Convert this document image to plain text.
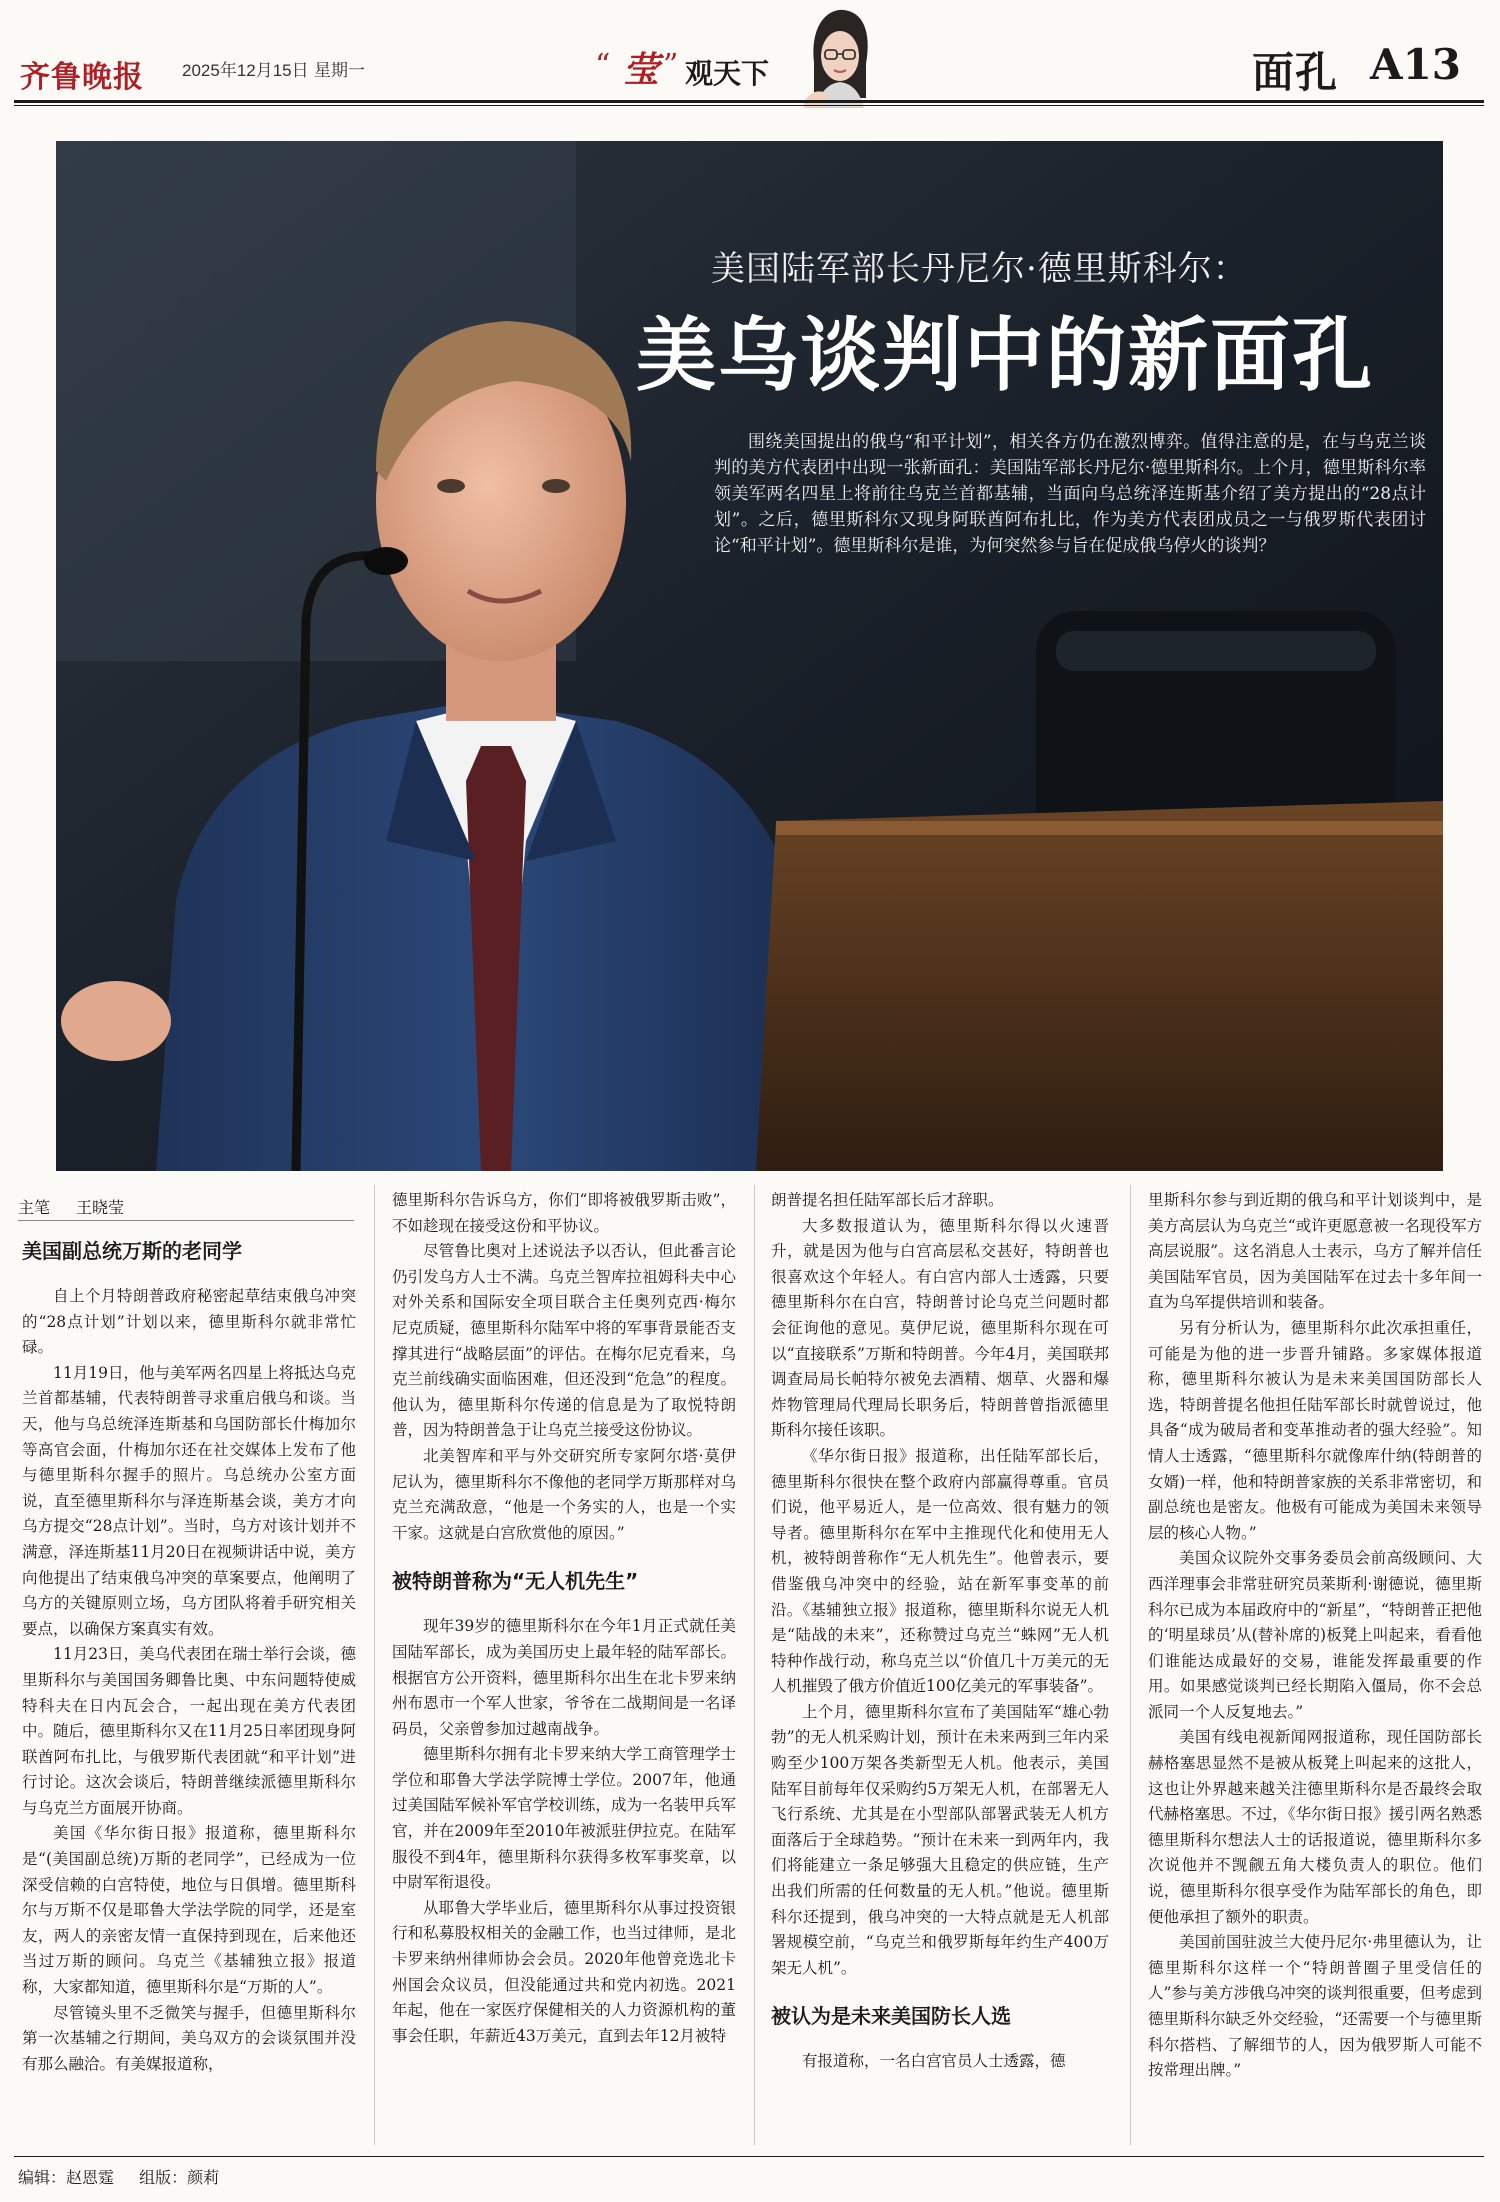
齐鲁晚报 2025年12月15日 星期一	“ 莹 ” 观天下	面孔 A13
美国陆军部长丹尼尔·德里斯科尔：
美乌谈判中的新面孔
围绕美国提出的俄乌“和平计划”，相关各方仍在激烈博弈。值得注意的是，在与乌克兰谈判的美方代表团中出现一张新面孔：美国陆军部长丹尼尔·德里斯科尔。上个月，德里斯科尔率领美军两名四星上将前往乌克兰首都基辅，当面向乌总统泽连斯基介绍了美方提出的“28点计划”。之后，德里斯科尔又现身阿联酋阿布扎比，作为美方代表团成员之一与俄罗斯代表团讨论“和平计划”。德里斯科尔是谁，为何突然参与旨在促成俄乌停火的谈判？
主笔 王晓莹
美国副总统万斯的老同学

自上个月特朗普政府秘密起草结束俄乌冲突的“28点计划”计划以来，德里斯科尔就非常忙碌。

11月19日，他与美军两名四星上将抵达乌克兰首都基辅，代表特朗普寻求重启俄乌和谈。当天，他与乌总统泽连斯基和乌国防部长什梅加尔等高官会面，什梅加尔还在社交媒体上发布了他与德里斯科尔握手的照片。乌总统办公室方面说，直至德里斯科尔与泽连斯基会谈，美方才向乌方提交“28点计划”。当时，乌方对该计划并不满意，泽连斯基11月20日在视频讲话中说，美方向他提出了结束俄乌冲突的草案要点，他阐明了乌方的关键原则立场，乌方团队将着手研究相关要点，以确保方案真实有效。

11月23日，美乌代表团在瑞士举行会谈，德里斯科尔与美国国务卿鲁比奥、中东问题特使威特科夫在日内瓦会合，一起出现在美方代表团中。随后，德里斯科尔又在11月25日率团现身阿联酋阿布扎比，与俄罗斯代表团就“和平计划”进行讨论。这次会谈后，特朗普继续派德里斯科尔与乌克兰方面展开协商。

美国《华尔街日报》报道称，德里斯科尔是“(美国副总统)万斯的老同学”，已经成为一位深受信赖的白宫特使，地位与日俱增。德里斯科尔与万斯不仅是耶鲁大学法学院的同学，还是室友，两人的亲密友情一直保持到现在，后来他还当过万斯的顾问。乌克兰《基辅独立报》报道称，大家都知道，德里斯科尔是“万斯的人”。

尽管镜头里不乏微笑与握手，但德里斯科尔第一次基辅之行期间，美乌双方的会谈氛围并没有那么融洽。有美媒报道称，

德里斯科尔告诉乌方，你们“即将被俄罗斯击败”，不如趁现在接受这份和平协议。

尽管鲁比奥对上述说法予以否认，但此番言论仍引发乌方人士不满。乌克兰智库拉祖姆科夫中心对外关系和国际安全项目联合主任奥列克西·梅尔尼克质疑，德里斯科尔陆军中将的军事背景能否支撑其进行“战略层面”的评估。在梅尔尼克看来，乌克兰前线确实面临困难，但还没到“危急”的程度。他认为，德里斯科尔传递的信息是为了取悦特朗普，因为特朗普急于让乌克兰接受这份协议。

北美智库和平与外交研究所专家阿尔塔·莫伊尼认为，德里斯科尔不像他的老同学万斯那样对乌克兰充满敌意，“他是一个务实的人，也是一个实干家。这就是白宫欣赏他的原因。”

被特朗普称为“无人机先生”

现年39岁的德里斯科尔在今年1月正式就任美国陆军部长，成为美国历史上最年轻的陆军部长。根据官方公开资料，德里斯科尔出生在北卡罗来纳州布恩市一个军人世家，爷爷在二战期间是一名译码员，父亲曾参加过越南战争。

德里斯科尔拥有北卡罗来纳大学工商管理学士学位和耶鲁大学法学院博士学位。2007年，他通过美国陆军候补军官学校训练，成为一名装甲兵军官，并在2009年至2010年被派驻伊拉克。在陆军服役不到4年，德里斯科尔获得多枚军事奖章，以中尉军衔退役。

从耶鲁大学毕业后，德里斯科尔从事过投资银行和私募股权相关的金融工作，也当过律师，是北卡罗来纳州律师协会会员。2020年他曾竞选北卡州国会众议员，但没能通过共和党内初选。2021年起，他在一家医疗保健相关的人力资源机构的董事会任职，年薪近43万美元，直到去年12月被特

朗普提名担任陆军部长后才辞职。

大多数报道认为，德里斯科尔得以火速晋升，就是因为他与白宫高层私交甚好，特朗普也很喜欢这个年轻人。有白宫内部人士透露，只要德里斯科尔在白宫，特朗普讨论乌克兰问题时都会征询他的意见。莫伊尼说，德里斯科尔现在可以“直接联系”万斯和特朗普。今年4月，美国联邦调查局局长帕特尔被免去酒精、烟草、火器和爆炸物管理局代理局长职务后，特朗普曾指派德里斯科尔接任该职。

《华尔街日报》报道称，出任陆军部长后，德里斯科尔很快在整个政府内部赢得尊重。官员们说，他平易近人，是一位高效、很有魅力的领导者。德里斯科尔在军中主推现代化和使用无人机，被特朗普称作“无人机先生”。他曾表示，要借鉴俄乌冲突中的经验，站在新军事变革的前沿。《基辅独立报》报道称，德里斯科尔说无人机是“陆战的未来”，还称赞过乌克兰“蛛网”无人机特种作战行动，称乌克兰以“价值几十万美元的无人机摧毁了俄方价值近100亿美元的军事装备”。

上个月，德里斯科尔宣布了美国陆军“雄心勃勃”的无人机采购计划，预计在未来两到三年内采购至少100万架各类新型无人机。他表示，美国陆军目前每年仅采购约5万架无人机，在部署无人飞行系统、尤其是在小型部队部署武装无人机方面落后于全球趋势。“预计在未来一到两年内，我们将能建立一条足够强大且稳定的供应链，生产出我们所需的任何数量的无人机。”他说。德里斯科尔还提到，俄乌冲突的一大特点就是无人机部署规模空前，“乌克兰和俄罗斯每年约生产400万架无人机”。

被认为是未来美国防长人选

有报道称，一名白宫官员人士透露，德

里斯科尔参与到近期的俄乌和平计划谈判中，是美方高层认为乌克兰“或许更愿意被一名现役军方高层说服”。这名消息人士表示，乌方了解并信任美国陆军官员，因为美国陆军在过去十多年间一直为乌军提供培训和装备。

另有分析认为，德里斯科尔此次承担重任，可能是为他的进一步晋升铺路。多家媒体报道称，德里斯科尔被认为是未来美国国防部长人选，特朗普提名他担任陆军部长时就曾说过，他具备“成为破局者和变革推动者的强大经验”。知情人士透露，“德里斯科尔就像库什纳(特朗普的女婿)一样，他和特朗普家族的关系非常密切，和副总统也是密友。他极有可能成为美国未来领导层的核心人物。”

美国众议院外交事务委员会前高级顾问、大西洋理事会非常驻研究员莱斯利·谢德说，德里斯科尔已成为本届政府中的“新星”，“特朗普正把他的‘明星球员’从(替补席的)板凳上叫起来，看看他们谁能达成最好的交易，谁能发挥最重要的作用。如果感觉谈判已经长期陷入僵局，你不会总派同一个人反复地去。”

美国有线电视新闻网报道称，现任国防部长赫格塞思显然不是被从板凳上叫起来的这批人，这也让外界越来越关注德里斯科尔是否最终会取代赫格塞思。不过，《华尔街日报》援引两名熟悉德里斯科尔想法人士的话报道说，德里斯科尔多次说他并不觊觎五角大楼负责人的职位。他们说，德里斯科尔很享受作为陆军部长的角色，即便他承担了额外的职责。

美国前国驻波兰大使丹尼尔·弗里德认为，让德里斯科尔这样一个“特朗普圈子里受信任的人”参与美方涉俄乌冲突的谈判很重要，但考虑到德里斯科尔缺乏外交经验，“还需要一个与德里斯科尔搭档、了解细节的人，因为俄罗斯人可能不按常理出牌。”

编辑：赵恩霆 组版：颜莉
